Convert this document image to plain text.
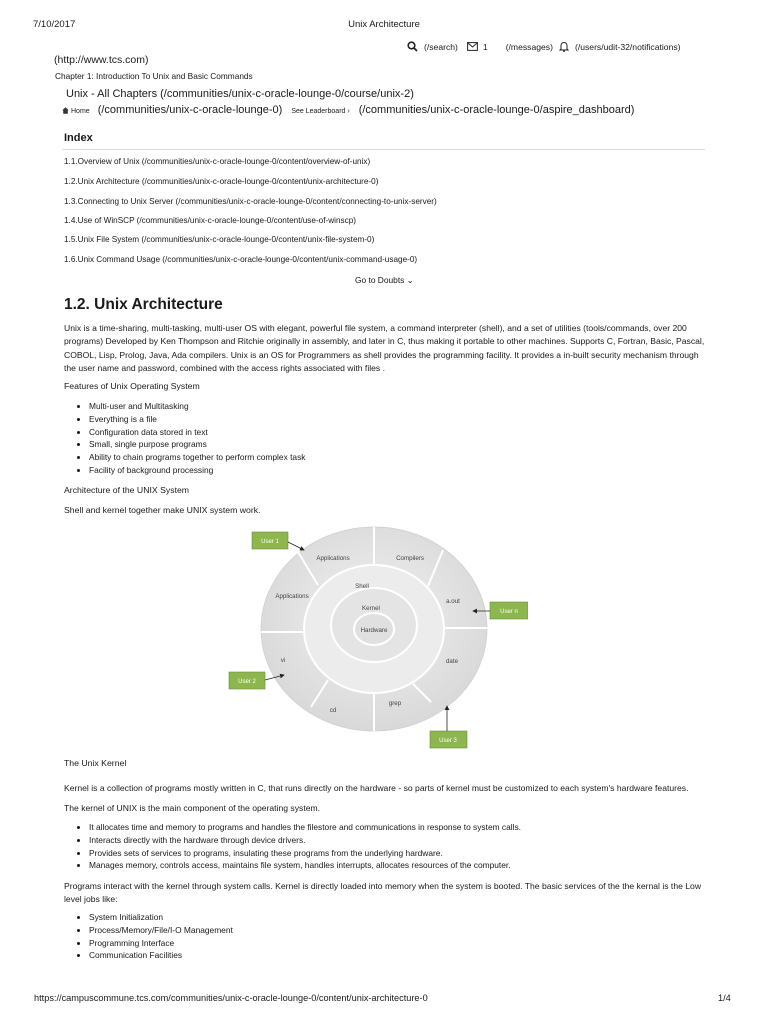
7/10/2017	Unix Architecture
(/search)	1 (/messages)	(/users/udit-32/notifications)
(http://www.tcs.com)
Chapter 1: Introduction To Unix and Basic Commands
Unix - All Chapters (/communities/unix-c-oracle-lounge-0/course/unix-2)
Home (/communities/unix-c-oracle-lounge-0) See Leaderboard › (/communities/unix-c-oracle-lounge-0/aspire_dashboard)
Index
1.1.Overview of Unix (/communities/unix-c-oracle-lounge-0/content/overview-of-unix)
1.2.Unix Architecture (/communities/unix-c-oracle-lounge-0/content/unix-architecture-0)
1.3.Connecting to Unix Server (/communities/unix-c-oracle-lounge-0/content/connecting-to-unix-server)
1.4.Use of WinSCP (/communities/unix-c-oracle-lounge-0/content/use-of-winscp)
1.5.Unix File System (/communities/unix-c-oracle-lounge-0/content/unix-file-system-0)
1.6.Unix Command Usage (/communities/unix-c-oracle-lounge-0/content/unix-command-usage-0)
Go to Doubts ⌄
1.2. Unix Architecture
Unix is a time-sharing, multi-tasking, multi-user OS with elegant, powerful file system, a command interpreter (shell), and a set of utilities (tools/commands, over 200 programs) Developed by Ken Thompson and Ritchie originally in assembly, and later in C, thus making it portable to other machines. Supports C, Fortran, Basic, Pascal, COBOL, Lisp, Prolog, Java, Ada compilers. Unix is an OS for Programmers as shell provides the programming facility. It provides a in-built security mechanism through the user name and password, combined with the access rights associated with files .
Features of Unix Operating System
• Multi-user and Multitasking
• Everything is a file
• Configuration data stored in text
• Small, single purpose programs
• Ability to chain programs together to perform complex task
• Facility of background processing
Architecture of the UNIX System
Shell and kernel together make UNIX system work.
Applications	Compilers
Applications
a.out
vi	date
cd
grep
Shell
Kernel
Hardware
User 1
User n
User 2
User 3
The Unix Kernel
Kernel is a collection of programs mostly written in C, that runs directly on the hardware - so parts of kernel must be customized to each system's hardware features.
The kernel of UNIX is the main component of the operating system.
• It allocates time and memory to programs and handles the filestore and communications in response to system calls.
• Interacts directly with the hardware through device drivers.
• Provides sets of services to programs, insulating these programs from the underlying hardware.
• Manages memory, controls access, maintains file system, handles interrupts, allocates resources of the computer.
Programs interact with the kernel through system calls. Kernel is directly loaded into memory when the system is booted. The basic services of the the kernal is the Low level jobs like:
• System Initialization
• Process/Memory/File/I-O Management
• Programming Interface
• Communication Facilities
https://campuscommune.tcs.com/communities/unix-c-oracle-lounge-0/content/unix-architecture-0	1/4
